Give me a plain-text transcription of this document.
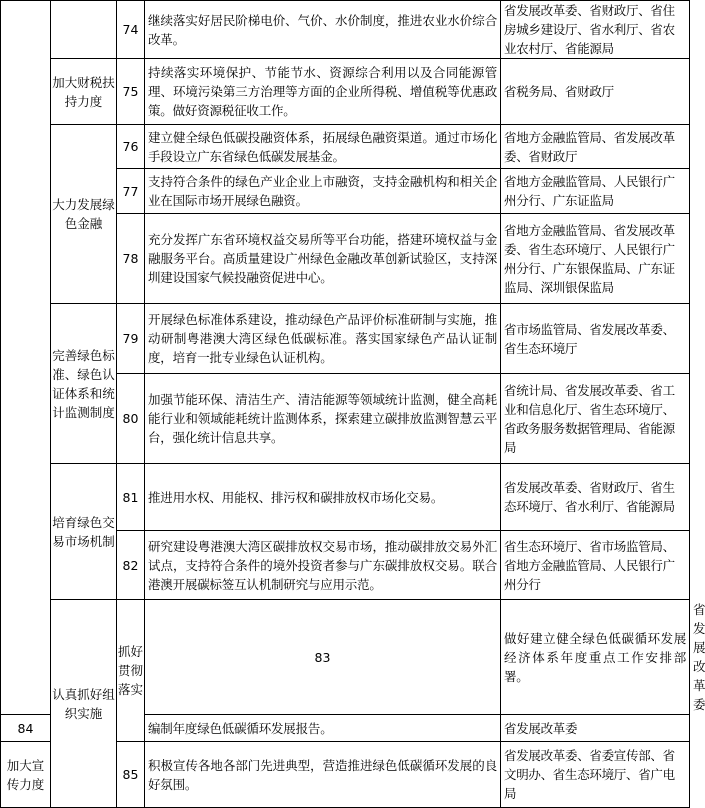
		74	继续落实好居民阶梯电价、气价、水价制度，推进农业水价综合改革。	省发展改革委、省财政厅、省住房城乡建设厅、省水利厅、省农业农村厅、省能源局	
	加大财税扶持力度	75	持续落实环境保护、节能节水、资源综合利用以及合同能源管理、环境污染第三方治理等方面的企业所得税、增值税等优惠政策。做好资源税征收工作。	省税务局、省财政厅	
	大力发展绿色金融	76	建立健全绿色低碳投融资体系，拓展绿色融资渠道。通过市场化手段设立广东省绿色低碳发展基金。	省地方金融监管局、省发展改革委、省财政厅	
		77	支持符合条件的绿色产业企业上市融资，支持金融机构和相关企业在国际市场开展绿色融资。	省地方金融监管局、人民银行广州分行、广东证监局	
		78	充分发挥广东省环境权益交易所等平台功能，搭建环境权益与金融服务平台。高质量建设广州绿色金融改革创新试验区，支持深圳建设国家气候投融资促进中心。	省地方金融监管局、省发展改革委、省生态环境厅、人民银行广州分行、广东银保监局、广东证监局、深圳银保监局	
	完善绿色标准、绿色认证体系和统计监测制度	79	开展绿色标准体系建设，推动绿色产品评价标准研制与实施，推动研制粤港澳大湾区绿色低碳标准。落实国家绿色产品认证制度，培育一批专业绿色认证机构。	省市场监管局、省发展改革委、省生态环境厅	
		80	加强节能环保、清洁生产、清洁能源等领域统计监测，健全高耗能行业和领域能耗统计监测体系，探索建立碳排放监测智慧云平台，强化统计信息共享。	省统计局、省发展改革委、省工业和信息化厅、省生态环境厅、省政务服务数据管理局、省能源局	
	培育绿色交易市场机制	81	推进用水权、用能权、排污权和碳排放权市场化交易。	省发展改革委、省财政厅、省生态环境厅、省水利厅、省能源局	
		82	研究建设粤港澳大湾区碳排放权交易市场，推动碳排放交易外汇试点，支持符合条件的境外投资者参与广东碳排放权交易。联合港澳开展碳标签互认机制研究与应用示范。	省生态环境厅、省市场监管局、省地方金融监管局、人民银行广州分行	
	认真抓好组织实施	抓好贯彻落实	83	做好建立健全绿色低碳循环发展经济体系年度重点工作安排部署。	省发展改革委
84			编制年度绿色低碳循环发展报告。	省发展改革委	
加大宣传力度		85	积极宣传各地各部门先进典型，营造推进绿色低碳循环发展的良好氛围。	省发展改革委、省委宣传部、省文明办、省生态环境厅、省广电局	
